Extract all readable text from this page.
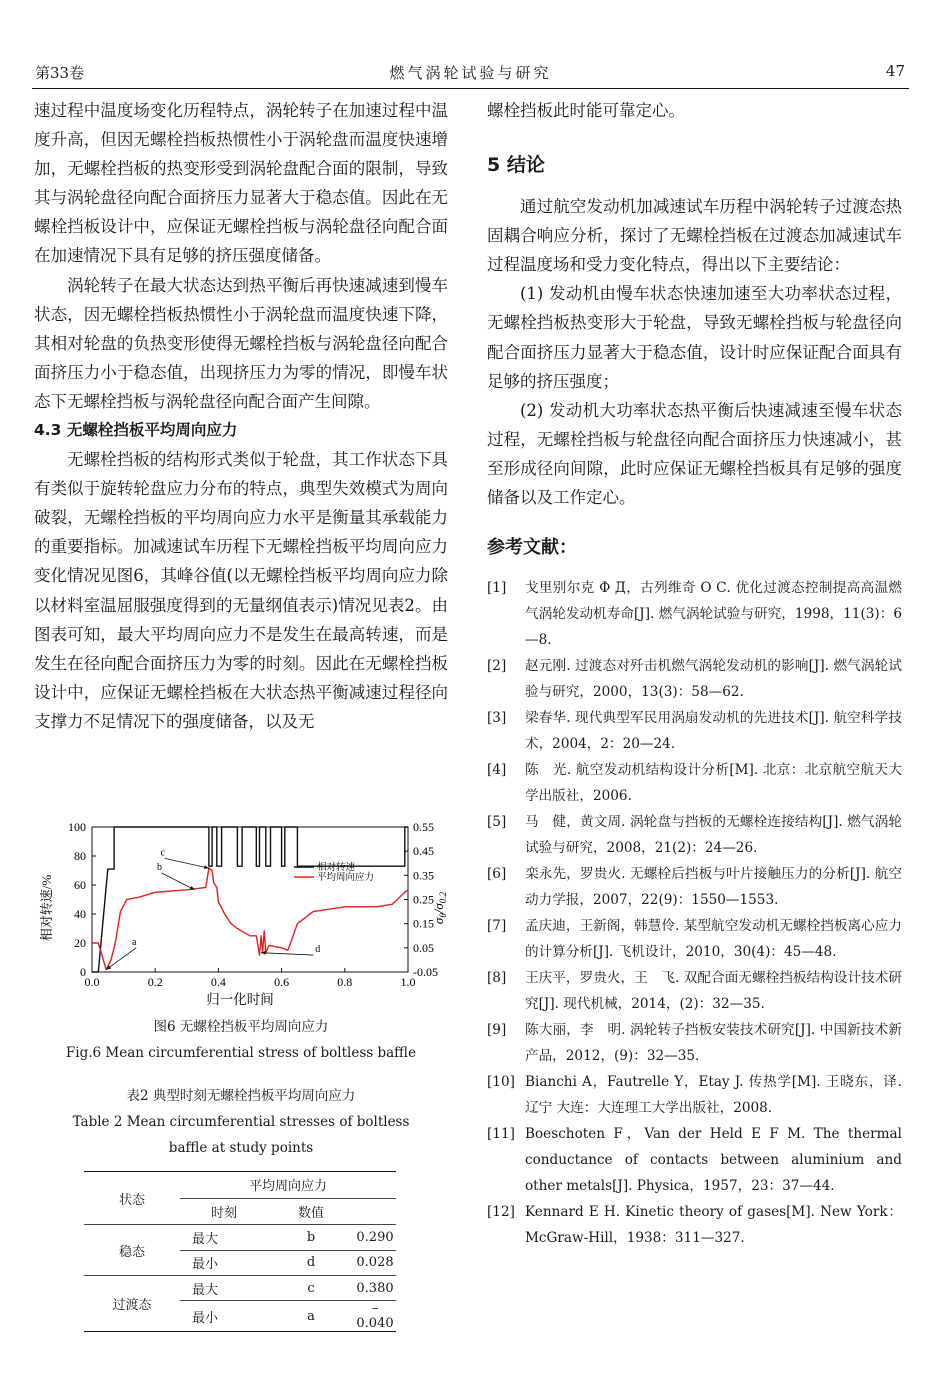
第33卷	燃气涡轮试验与研究	47

速过程中温度场变化历程特点，涡轮转子在加速过程中温度升高，但因无螺栓挡板热惯性小于涡轮盘而温度快速增加，无螺栓挡板的热变形受到涡轮盘配合面的限制，导致其与涡轮盘径向配合面挤压力显著大于稳态值。因此在无螺栓挡板设计中，应保证无螺栓挡板与涡轮盘径向配合面在加速情况下具有足够的挤压强度储备。

涡轮转子在最大状态达到热平衡后再快速减速到慢车状态，因无螺栓挡板热惯性小于涡轮盘而温度快速下降，其相对轮盘的负热变形使得无螺栓挡板与涡轮盘径向配合面挤压力小于稳态值，出现挤压力为零的情况，即慢车状态下无螺栓挡板与涡轮盘径向配合面产生间隙。

4.3 无螺栓挡板平均周向应力

无螺栓挡板的结构形式类似于轮盘，其工作状态下具有类似于旋转轮盘应力分布的特点，典型失效模式为周向破裂，无螺栓挡板的平均周向应力水平是衡量其承载能力的重要指标。加减速试车历程下无螺栓挡板平均周向应力变化情况见图6，其峰谷值(以无螺栓挡板平均周向应力除以材料室温屈服强度得到的无量纲值表示)情况见表2。由图表可知，最大平均周向应力不是发生在最高转速，而是发生在径向配合面挤压力为零的时刻。因此在无螺栓挡板设计中，应保证无螺栓挡板在大状态热平衡减速过程径向支撑力不足情况下的强度储备，以及无

0
20
40
60
80
100
-0.05
0.05
0.15
0.25
0.35
0.45
0.55
0.0	0.2	0.4	0.6	0.8	1.0
a
b
c
d
相对转速/%	$\sigma_\theta/\sigma_{0.2}$
归一化时间
相对转速
平均周向应力
图6 无螺栓挡板平均周向应力
Fig.6 Mean circumferential stress of boltless baffle
表2 典型时刻无螺栓挡板平均周向应力
Table 2 Mean circumferential stresses of boltless baffle at study points
状态	平均周向应力		
	时刻	数值	
稳态	最大	b	0.290
	最小	d	0.028
过渡态	最大	c	0.380
	最小	a	–0.040

螺栓挡板此时能可靠定心。

5 结论

通过航空发动机加减速试车历程中涡轮转子过渡态热固耦合响应分析，探讨了无螺栓挡板在过渡态加减速试车过程温度场和受力变化特点，得出以下主要结论：

(1) 发动机由慢车状态快速加速至大功率状态过程，无螺栓挡板热变形大于轮盘，导致无螺栓挡板与轮盘径向配合面挤压力显著大于稳态值，设计时应保证配合面具有足够的挤压强度；

(2) 发动机大功率状态热平衡后快速减速至慢车状态过程，无螺栓挡板与轮盘径向配合面挤压力快速减小，甚至形成径向间隙，此时应保证无螺栓挡板具有足够的强度储备以及工作定心。

参考文献：
[1]	戈里别尔克 Φ Д，古列维奇 О С. 优化过渡态控制提高高温燃气涡轮发动机寿命[J]. 燃气涡轮试验与研究，1998，11(3)：6—8.
[2]	赵元刚. 过渡态对歼击机燃气涡轮发动机的影响[J]. 燃气涡轮试验与研究，2000，13(3)：58—62.
[3]	梁春华. 现代典型军民用涡扇发动机的先进技术[J]. 航空科学技术，2004，2：20—24.
[4]	陈　光. 航空发动机结构设计分析[M]. 北京：北京航空航天大学出版社，2006.
[5]	马　健，黄文周. 涡轮盘与挡板的无螺栓连接结构[J]. 燃气涡轮试验与研究，2008，21(2)：24—26.
[6]	栾永先，罗贵火. 无螺栓后挡板与叶片接触压力的分析[J]. 航空动力学报，2007，22(9)：1550—1553.
[7]	孟庆迪，王新阁，韩慧伶. 某型航空发动机无螺栓挡板离心应力的计算分析[J]. 飞机设计，2010，30(4)：45—48.
[8]	王庆平，罗贵火，王　飞. 双配合面无螺栓挡板结构设计技术研究[J]. 现代机械，2014，(2)：32—35.
[9]	陈大丽，李　明. 涡轮转子挡板安装技术研究[J]. 中国新技术新产品，2012，(9)：32—35.
[10] Bianchi A，Fautrelle Y，Etay J. 传热学[M]. 王晓东，译. 辽宁 大连：大连理工大学出版社，2008.
[11] Boeschoten F，Van der Held E F M. The thermal conductance of contacts between aluminium and other metals[J]. Physica，1957，23：37—44.
[12] Kennard E H. Kinetic theory of gases[M]. New York：McGraw-Hill，1938：311—327.
